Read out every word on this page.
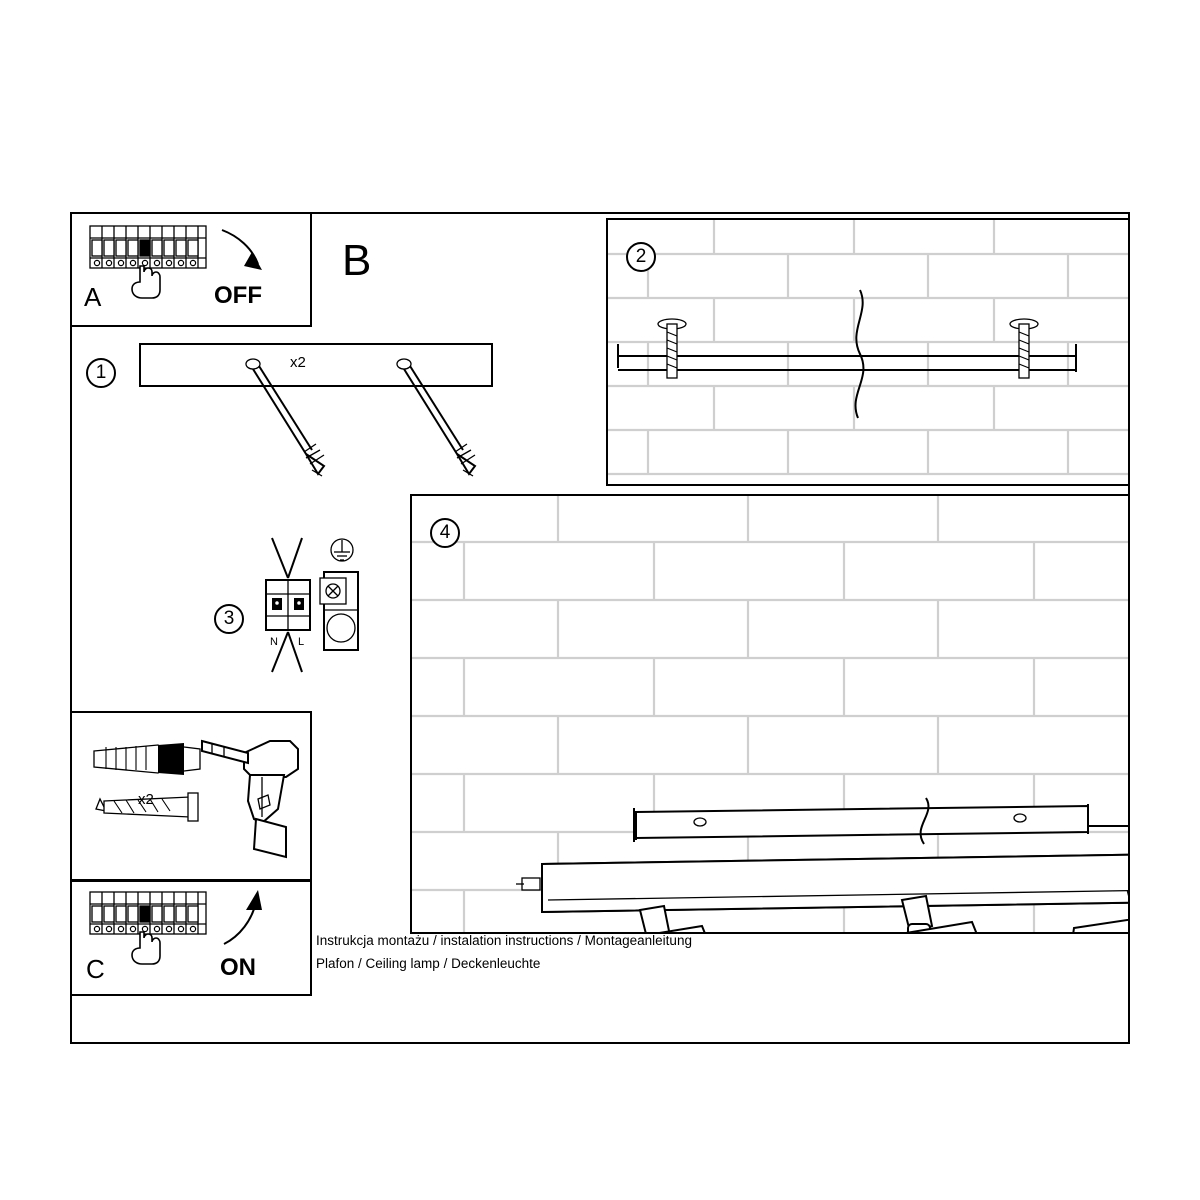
A	OFF
B
1	x2
3
N L
x2
C	ON
2
4
Instrukcja montażu / instalation instructions / Montageanleitung
Plafon / Ceiling lamp / Deckenleuchte
